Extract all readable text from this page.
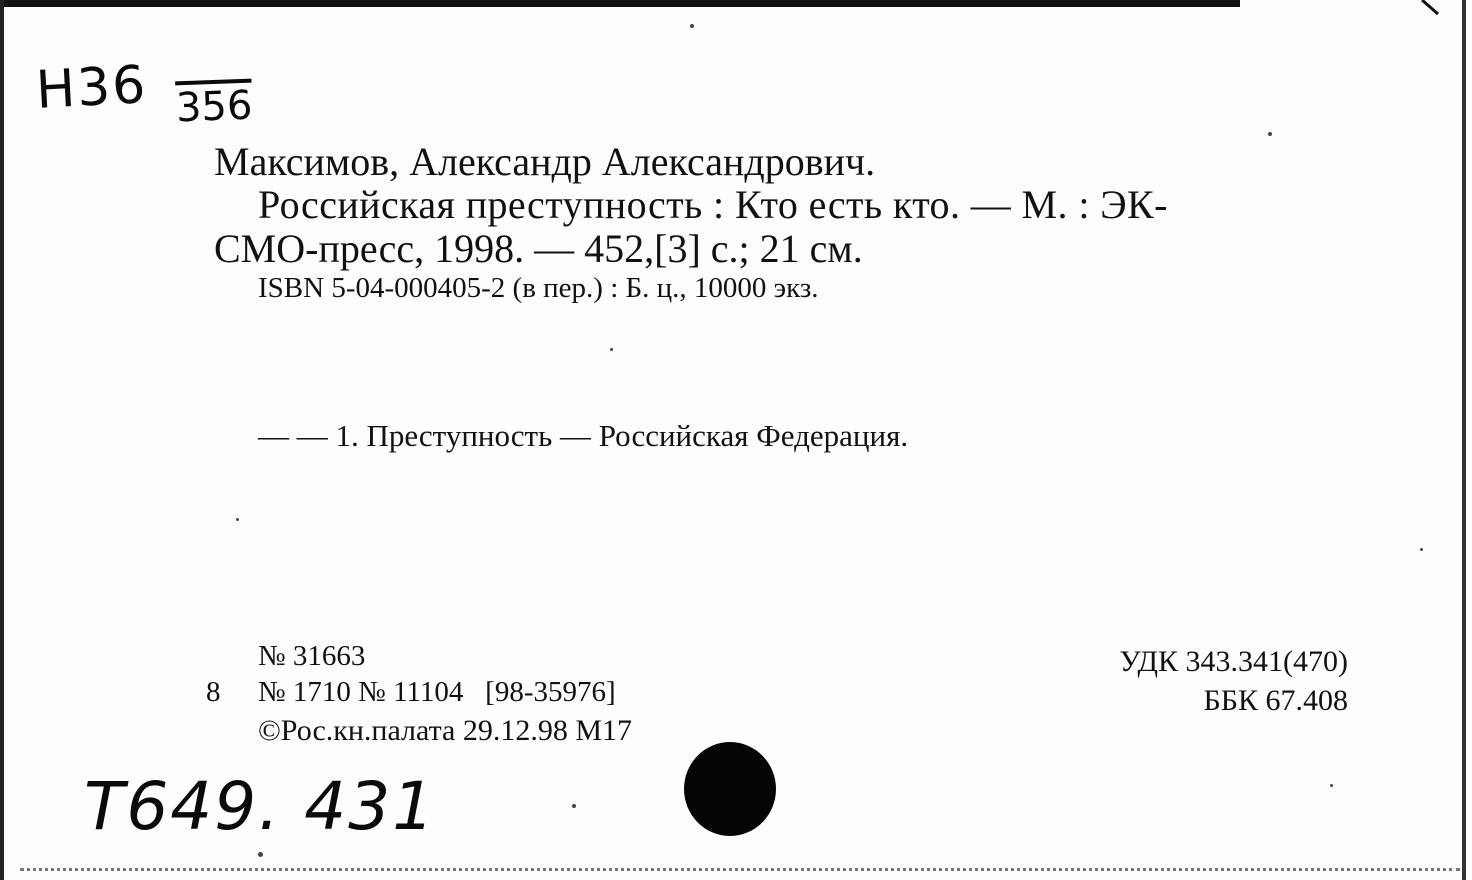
Н36 356
T649. 431
Максимов, Александр Александрович.
Российская преступность : Кто есть кто. — М. : ЭК-
СМО-пресс, 1998. — 452,[3] с.; 21 см.
ISBN 5-04-000405-2 (в пер.) : Б. ц., 10000 экз.
— — 1. Преступность — Российская Федерация.
№ 31663
8 № 1710 № 11104   [98-35976]
©Рос.кн.палата 29.12.98 М17
УДК 343.341(470)
ББК 67.408
